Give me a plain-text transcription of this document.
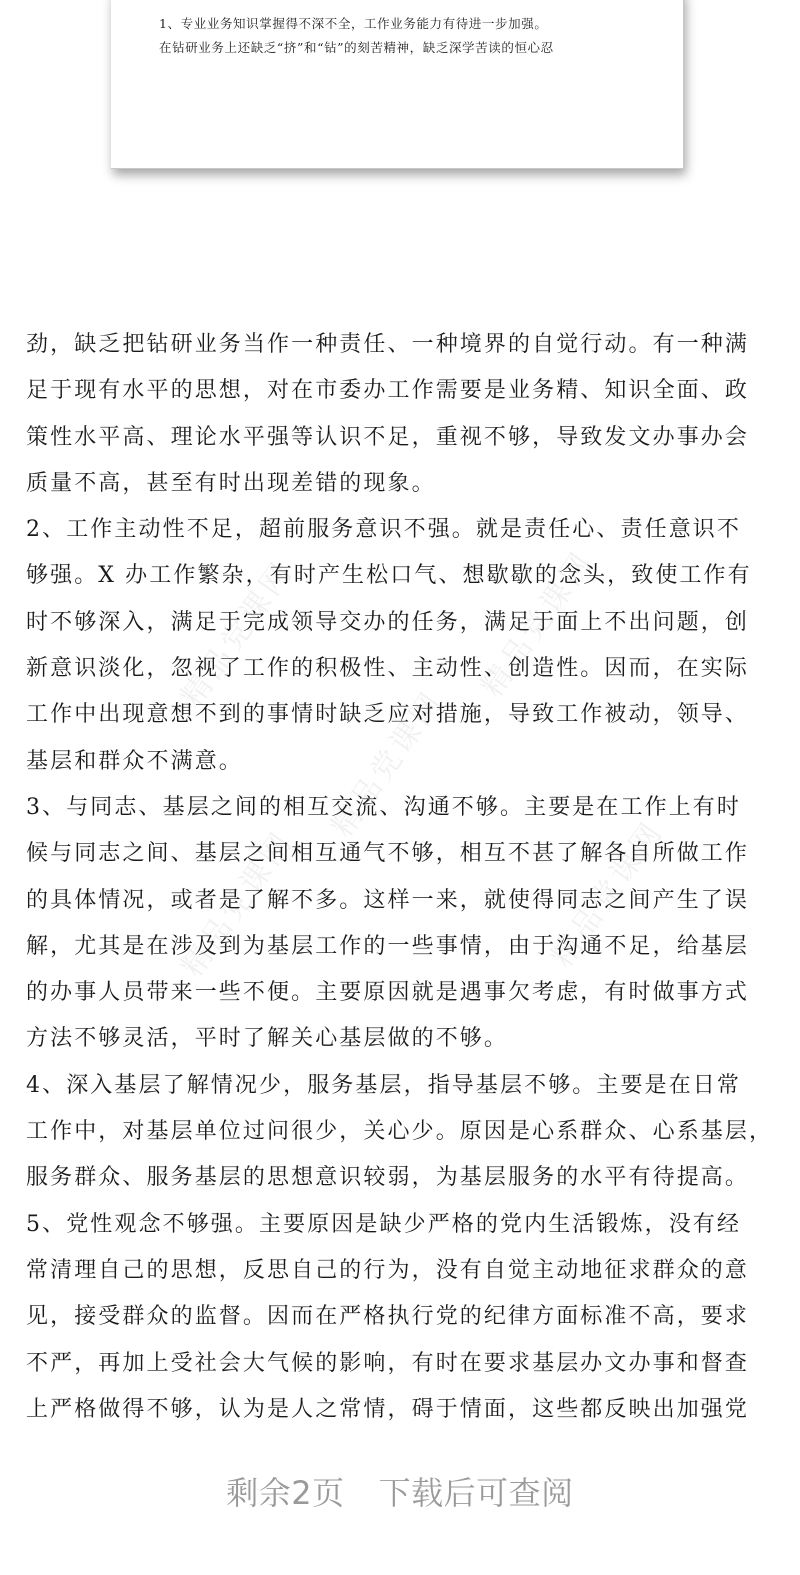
1、专业业务知识掌握得不深不全，工作业务能力有待进一步加强。
在钻研业务上还缺乏“挤”和“钻”的刻苦精神，缺乏深学苦读的恒心忍
精品党课网	精品党课网
精品党课网
精品党课网	精品党课网
劲，缺乏把钻研业务当作一种责任、一种境界的自觉行动。有一种满
足于现有水平的思想，对在市委办工作需要是业务精、知识全面、政
策性水平高、理论水平强等认识不足，重视不够，导致发文办事办会
质量不高，甚至有时出现差错的现象。
2、工作主动性不足，超前服务意识不强。就是责任心、责任意识不
够强。X 办工作繁杂，有时产生松口气、想歇歇的念头，致使工作有
时不够深入，满足于完成领导交办的任务，满足于面上不出问题，创
新意识淡化，忽视了工作的积极性、主动性、创造性。因而，在实际
工作中出现意想不到的事情时缺乏应对措施，导致工作被动，领导、
基层和群众不满意。
3、与同志、基层之间的相互交流、沟通不够。主要是在工作上有时
候与同志之间、基层之间相互通气不够，相互不甚了解各自所做工作
的具体情况，或者是了解不多。这样一来，就使得同志之间产生了误
解，尤其是在涉及到为基层工作的一些事情，由于沟通不足，给基层
的办事人员带来一些不便。主要原因就是遇事欠考虑，有时做事方式
方法不够灵活，平时了解关心基层做的不够。
4、深入基层了解情况少，服务基层，指导基层不够。主要是在日常
工作中，对基层单位过问很少，关心少。原因是心系群众、心系基层，
服务群众、服务基层的思想意识较弱，为基层服务的水平有待提高。
5、党性观念不够强。主要原因是缺少严格的党内生活锻炼，没有经
常清理自己的思想，反思自己的行为，没有自觉主动地征求群众的意
见，接受群众的监督。因而在严格执行党的纪律方面标准不高，要求
不严，再加上受社会大气候的影响，有时在要求基层办文办事和督查
上严格做得不够，认为是人之常情，碍于情面，这些都反映出加强党
剩余2页 下载后可查阅
